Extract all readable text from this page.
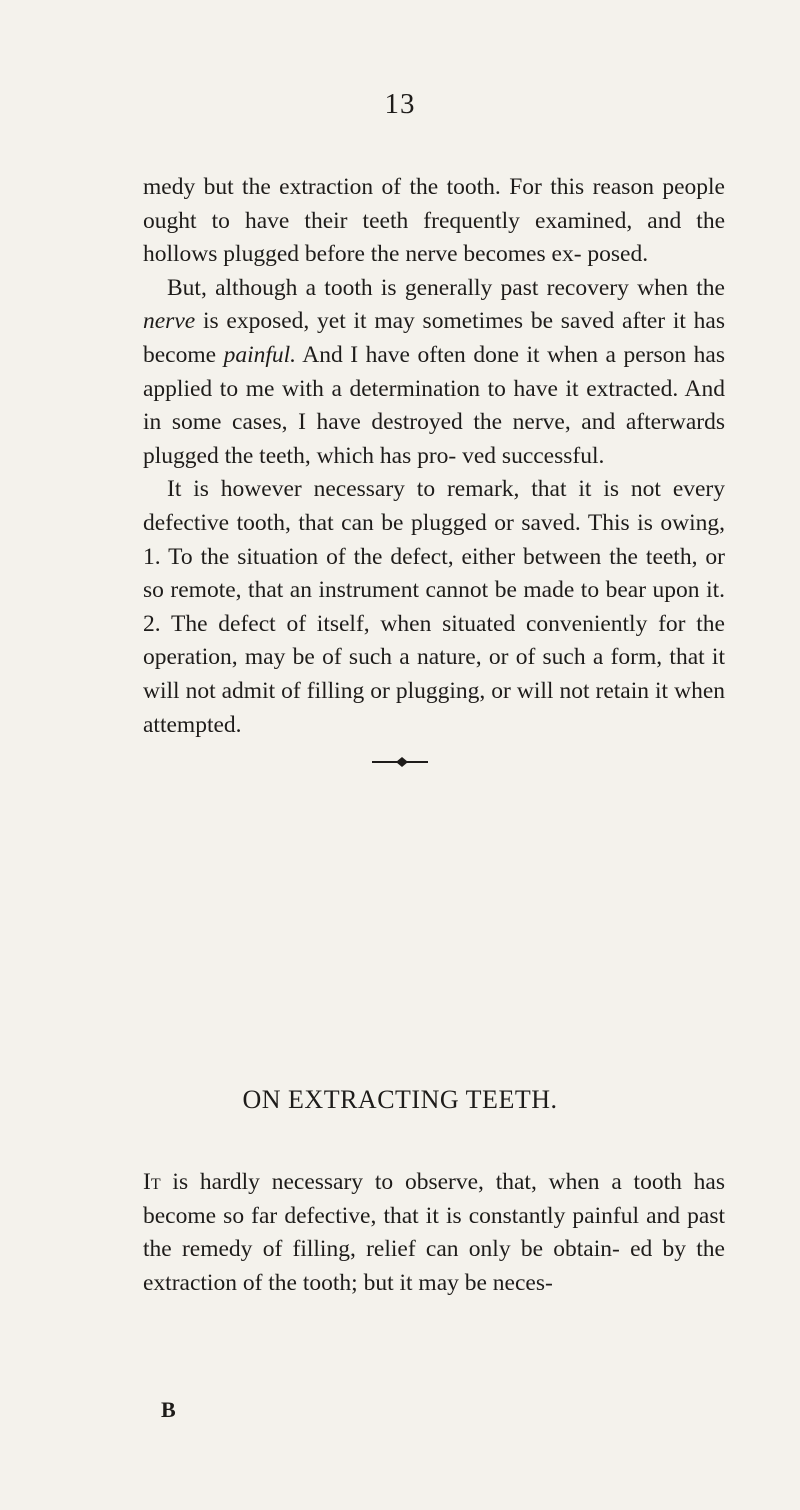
13

medy but the extraction of the tooth. For this reason people ought to have their teeth frequently examined, and the hollows plugged before the nerve becomes ex- posed.

But, although a tooth is generally past recovery when the nerve is exposed, yet it may sometimes be saved after it has become painful. And I have often done it when a person has applied to me with a determination to have it extracted. And in some cases, I have destroyed the nerve, and afterwards plugged the teeth, which has pro- ved successful.

It is however necessary to remark, that it is not every defective tooth, that can be plugged or saved. This is owing, 1. To the situation of the defect, either between the teeth, or so remote, that an instrument cannot be made to bear upon it. 2. The defect of itself, when situated conveniently for the operation, may be of such a nature, or of such a form, that it will not admit of filling or plugging, or will not retain it when attempted.

ON EXTRACTING TEETH.

It is hardly necessary to observe, that, when a tooth has become so far defective, that it is constantly painful and past the remedy of filling, relief can only be obtain- ed by the extraction of the tooth; but it may be neces-

B
